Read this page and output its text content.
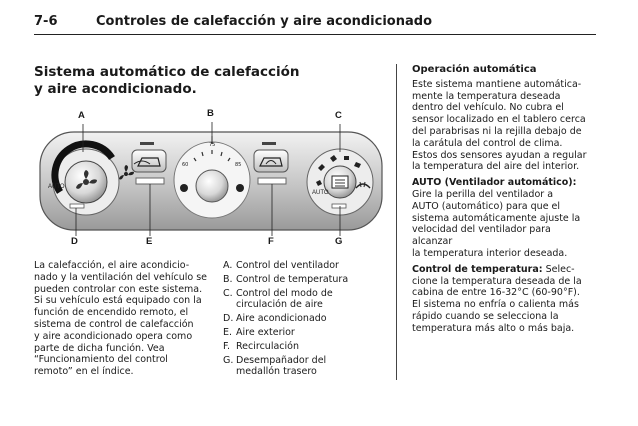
7-6	Controles de calefacción y aire acondicionado
Sistema automático de calefacción
y aire acondicionado.
AUTO
60
75
85
AUTO
A	B	C
D	E	F	G
La calefacción, el aire acondicio-
nado y la ventilación del vehículo se
pueden controlar con este sistema.
Si su vehículo está equipado con la
función de encendido remoto, el
sistema de control de calefacción
y aire acondicionado opera como
parte de dicha función. Vea
“Funcionamiento del control
remoto” en el índice.
A. Control del ventilador
B. Control de temperatura
C. Control del modo de
circulación de aire
D. Aire acondicionado
E. Aire exterior
F. Recirculación
G. Desempañador del
medallón trasero
Operación automática

Este sistema mantiene automática-
mente la temperatura deseada
dentro del vehículo. No cubra el
sensor localizado en el tablero cerca
del parabrisas ni la rejilla debajo de
la carátula del control de clima.
Estos dos sensores ayudan a regular
la temperatura del aire del interior.

AUTO (Ventilador automático):
Gire la perilla del ventilador a
AUTO (automático) para que el
sistema automáticamente ajuste la
velocidad del ventilador para alcanzar
la temperatura interior deseada.

Control de temperatura: Selec-
cione la temperatura deseada de la
cabina de entre 16-32°C (60-90°F).
El sistema no enfría o calienta más
rápido cuando se selecciona la
temperatura más alto o más baja.
